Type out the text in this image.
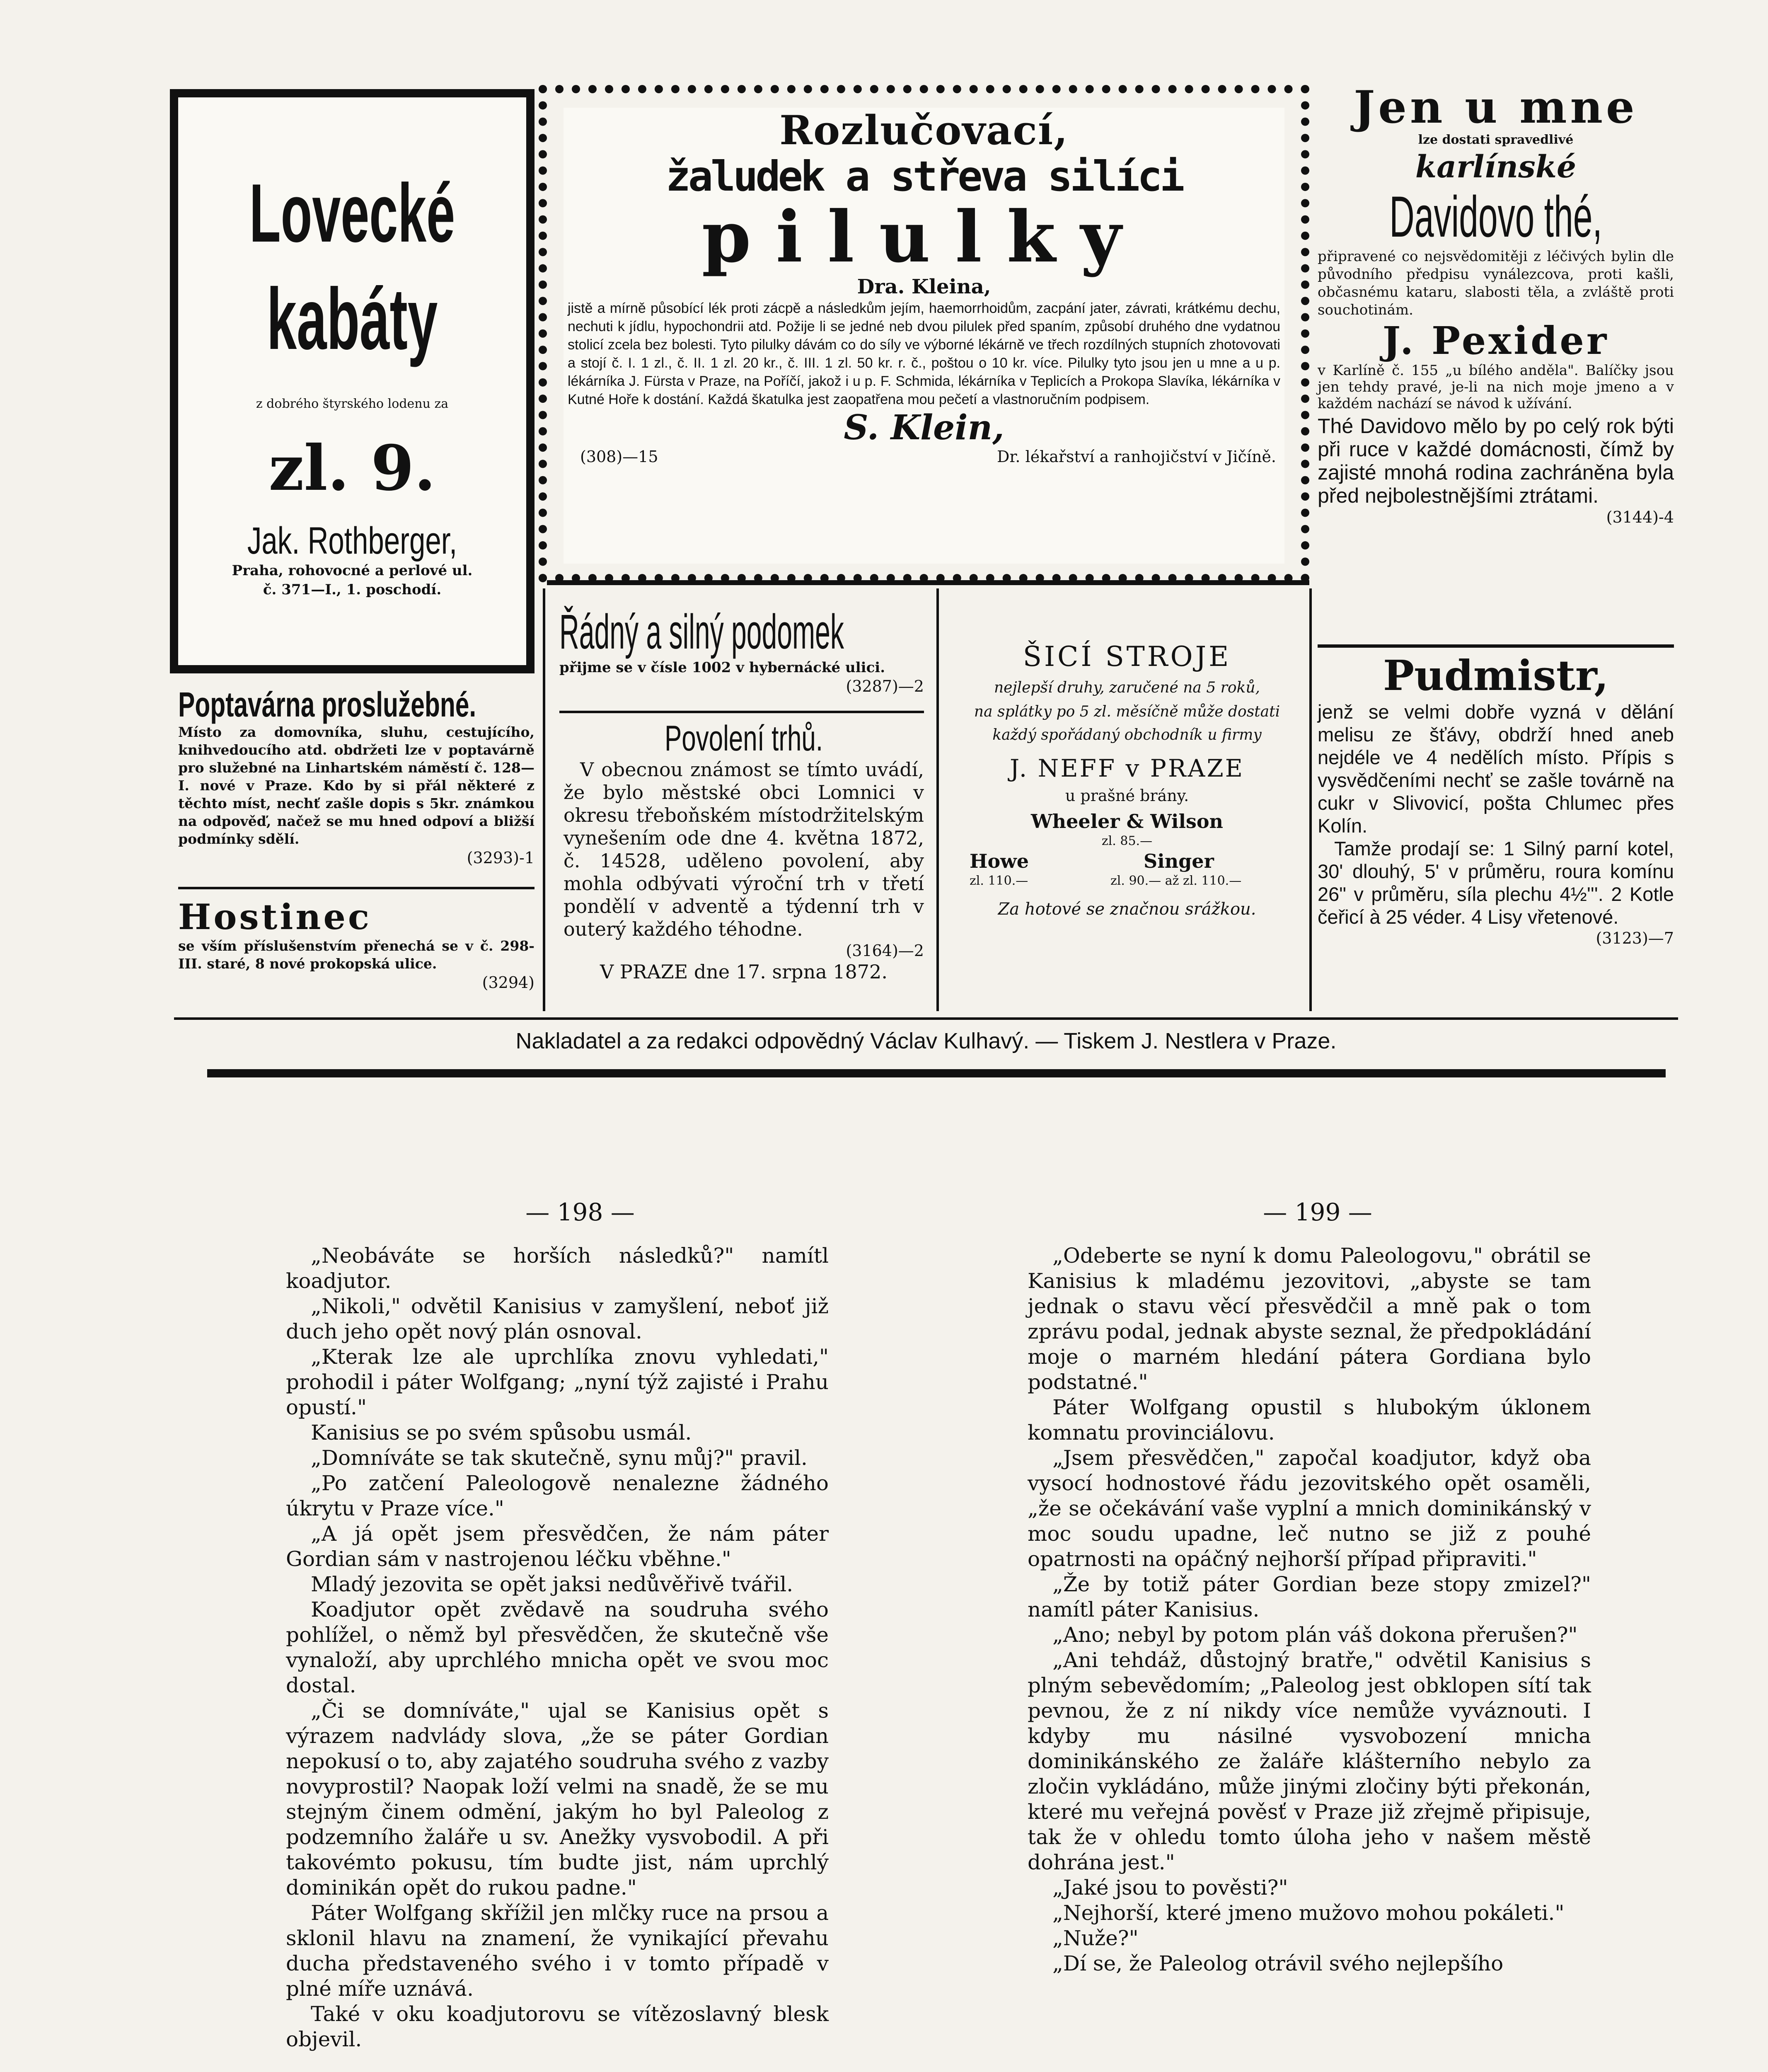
Lovecké
kabáty
z dobrého štyrského lodenu za
zl. 9.
Jak. Rothberger,
Praha, rohovocné a perlové ul.
č. 371—I., 1. poschodí.
Rozlučovací,
žaludek a střeva silíci
pilulky
Dra. Kleina,
jistě a mírně působící lék proti zácpě a následkům jejím, haemorrhoidům, zacpání jater, závrati, krátkému dechu, nechuti k jídlu, hypochondrii atd. Požije li se jedné neb dvou pilulek před spaním, způsobí druhého dne vydatnou stolicí zcela bez bolesti. Tyto pilulky dávám co do síly ve výborné lékárně ve třech rozdílných stupních zhotovovati a stojí č. I. 1 zl., č. II. 1 zl. 20 kr., č. III. 1 zl. 50 kr. r. č., poštou o 10 kr. více. Pilulky tyto jsou jen u mne a u p. lékárníka J. Fürsta v Praze, na Poříčí, jakož i u p. F. Schmida, lékárníka v Teplicích a Prokopa Slavíka, lékárníka v Kutné Hoře k dostání. Každá škatulka jest zaopatřena mou pečetí a vlastnoručním podpisem.
S. Klein,
(308)—15	Dr. lékařství a ranhojičství v Jičíně.
Jen u mne
lze dostati spravedlivé
karlínské
Davidovo thé,
připravené co nejsvědomitěji z léčivých bylin dle původního předpisu vynálezcova, proti kašli, občasnému kataru, slabosti těla, a zvláště proti souchotinám.
J. Pexider
v Karlíně č. 155 „u bílého anděla". Balíčky jsou jen tehdy pravé, je-li na nich moje jmeno a v každém nachází se návod k užívání.
Thé Davidovo mělo by po celý rok býti při ruce v každé domácnosti, čímž by zajisté mnohá rodina zachráněna byla před nejbolestnějšími ztrátami.
(3144)-4
Poptavárna proslužebné.
Místo za domovníka, sluhu, cestujícího, knihvedoucího atd. obdržeti lze v poptavárně pro služebné na Linhartském náměstí č. 128—I. nové v Praze. Kdo by si přál některé z těchto míst, nechť zašle dopis s 5kr. známkou na odpověď, načež se mu hned odpoví a bližší podmínky sdělí.
(3293)-1
Hostinec
se vším příslušenstvím přenechá se v č. 298-III. staré, 8 nové prokopská ulice.
(3294)
Řádný a silný podomek
přijme se v čísle 1002 v hybernácké ulici.
(3287)—2
Povolení trhů.
V obecnou známost se tímto uvádí, že bylo městské obci Lomnici v okresu třeboňském místodržitelským vynešením ode dne 4. května 1872, č. 14528, uděleno povolení, aby mohla odbývati výroční trh v třetí pondělí v adventě a týdenní trh v outerý každého téhodne.
(3164)—2
V PRAZE dne 17. srpna 1872.
ŠICÍ STROJE
nejlepší druhy, zaručené na 5 roků,
na splátky po 5 zl. měsíčně může dostati každý spořádaný obchodník u firmy
J. NEFF v PRAZE
u prašné brány.
Wheeler & Wilson
zl. 85.—
Howe
zl. 110.—
Singer
zl. 90.— až zl. 110.—
Za hotové se značnou srážkou.
Pudmistr,
jenž se velmi dobře vyzná v dělání melisu ze šťávy, obdrží hned aneb nejdéle ve 4 nedělích místo. Přípis s vysvědčeními nechť se zašle továrně na cukr v Slivovicí, pošta Chlumec přes Kolín.
Tamže prodají se: 1 Silný parní kotel, 30' dlouhý, 5' v průměru, roura komínu 26" v průměru, síla plechu 4½'''. 2 Kotle čeřicí à 25 véder. 4 Lisy vřetenové.
(3123)—7
Nakladatel a za redakci odpovědný Václav Kulhavý. — Tiskem J. Nestlera v Praze.
— 198 —

„Neobáváte se horších následků?" namítl koadjutor.

„Nikoli," odvětil Kanisius v zamyšlení, neboť již duch jeho opět nový plán osnoval.

„Kterak lze ale uprchlíka znovu vyhledati," prohodil i páter Wolfgang; „nyní týž zajisté i Prahu opustí."

Kanisius se po svém spůsobu usmál.

„Domníváte se tak skutečně, synu můj?" pravil.

„Po zatčení Paleologově nenalezne žádného úkrytu v Praze více."

„A já opět jsem přesvědčen, že nám páter Gordian sám v nastrojenou léčku vběhne."

Mladý jezovita se opět jaksi nedůvěřivě tvářil.

Koadjutor opět zvědavě na soudruha svého pohlížel, o němž byl přesvědčen, že skutečně vše vynaloží, aby uprchlého mnicha opět ve svou moc dostal.

„Či se domníváte," ujal se Kanisius opět s výrazem nadvlády slova, „že se páter Gordian nepokusí o to, aby zajatého soudruha svého z vazby novyprostil? Naopak loží velmi na snadě, že se mu stejným činem odmění, jakým ho byl Paleolog z podzemního žaláře u sv. Anežky vysvobodil. A při takovémto pokusu, tím budte jist, nám uprchlý dominikán opět do rukou padne."

Páter Wolfgang skřížil jen mlčky ruce na prsou a sklonil hlavu na znamení, že vynikající převahu ducha představeného svého i v tomto případě v plné míře uznává.

Také v oku koadjutorovu se vítězoslavný blesk objevil.

— 199 —

„Odeberte se nyní k domu Paleologovu," obrátil se Kanisius k mladému jezovitovi, „abyste se tam jednak o stavu věcí přesvědčil a mně pak o tom zprávu podal, jednak abyste seznal, že předpokládání moje o marném hledání pátera Gordiana bylo podstatné."

Páter Wolfgang opustil s hlubokým úklonem komnatu provinciálovu.

„Jsem přesvědčen," započal koadjutor, když oba vysocí hodnostové řádu jezovitského opět osaměli, „že se očekávání vaše vyplní a mnich dominikánský v moc soudu upadne, leč nutno se již z pouhé opatrnosti na opáčný nejhorší případ připraviti."

„Že by totiž páter Gordian beze stopy zmizel?" namítl páter Kanisius.

„Ano; nebyl by potom plán váš dokona přerušen?"

„Ani tehdáž, důstojný bratře," odvětil Kanisius s plným sebevědomím; „Paleolog jest obklopen sítí tak pevnou, že z ní nikdy více nemůže vyváznouti. I kdyby mu násilné vysvobození mnicha dominikánského ze žaláře klášterního nebylo za zločin vykládáno, může jinými zločiny býti překonán, které mu veřejná pověsť v Praze již zřejmě připisuje, tak že v ohledu tomto úloha jeho v našem městě dohrána jest."

„Jaké jsou to pověsti?"

„Nejhorší, které jmeno mužovo mohou pokáleti."

„Nuže?"

„Dí se, že Paleolog otrávil svého nejlepšího
